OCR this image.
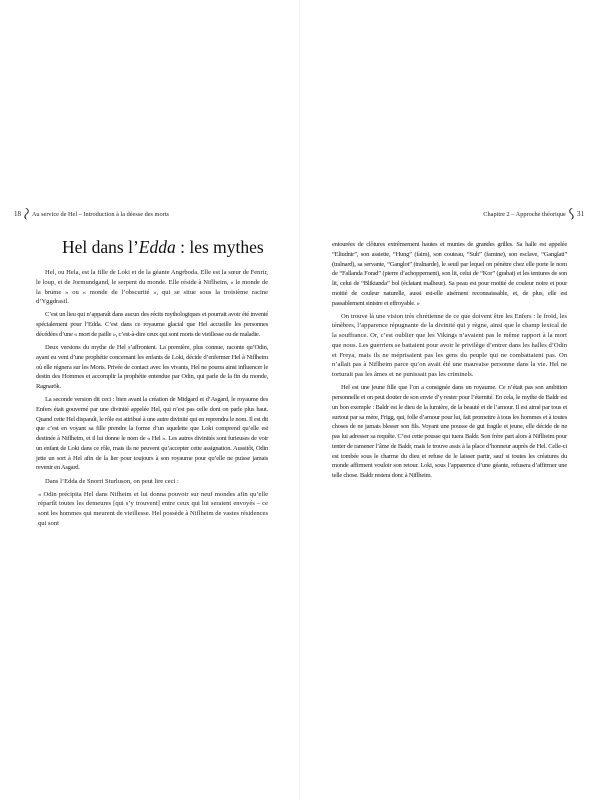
18 Au service de Hel – Introduction à la déesse des morts
Hel dans l’Edda : les mythes

Hel, ou Hela, est la fille de Loki et de la géante Angrboda. Elle est la sœur de Fenrir, le loup, et de Jormundgand, le serpent du monde. Elle réside à Niflheim, « le monde de la brume » ou « monde de l’obscurité », qui se situe sous la troisième racine d’Yggdrasil.

C’est un lieu qui n’apparaît dans aucun des récits mythologiques et pourrait avoir été inventé spécialement pour l’Edda. C’est dans ce royaume glacial que Hel accueille les personnes décédées d’une « mort de paille », c’est-à-dire ceux qui sont morts de vieillesse ou de maladie.

Deux versions du mythe de Hel s’affrontent. La première, plus connue, raconte qu’Odin, ayant eu vent d’une prophétie concernant les enfants de Loki, décide d’enfermer Hel à Niflheim où elle régnera sur les Morts. Privée de contact avec les vivants, Hel ne pourra ainsi influencer le destin des Hommes et accomplir la prophétie entendue par Odin, qui parle de la fin du monde, Ragnarök.

La seconde version dit ceci : bien avant la création de Midgard et d’Asgard, le royaume des Enfers était gouverné par une divinité appelée Hel, qui n’est pas celle dont on parle plus haut. Quand cette Hel disparaît, le rôle est attribué à une autre divinité qui en reprendra le nom. Il est dit que c’est en voyant sa fille prendre la forme d’un squelette que Loki comprend qu’elle est destinée à Niflheim, et il lui donne le nom de « Hel ». Les autres divinités sont furieuses de voir un enfant de Loki dans ce rôle, mais ils ne peuvent qu’accepter cette assignation. Aussitôt, Odin jette un sort à Hel afin de la lier pour toujours à son royaume pour qu’elle ne puisse jamais revenir en Asgard.

Dans l’Edda de Snorri Sturluson, on peut lire ceci :

« Odin précipita Hel dans Nifheim et lui donna pouvoir sur neuf mondes afin qu’elle répartît toutes les demeures [qui s’y trouvent] entre ceux qui lui seraient envoyés – ce sont les hommes qui meurent de vieillesse. Hel possède à Niflheim de vastes résidences qui sont

Chapitre 2 – Approche théorique 31

entourées de clôtures extrêmement hautes et munies de grandes grilles. Sa halle est appelée “Eliudnir”, son assiette, “Hung” (faim), son couteau, “Sult” (famine), son esclave, “Ganglati” (tralnard), sa servante, “Ganglot” (tralnarde), le seuil par lequel on pénètre chez elle porte le nom de “Fallanda Forad” (pierre d’achoppement), son lit, celui de “Kor” (grabat) et les tentures de son lit, celui de “Blikianda” bol (éclatant malheur). Sa peau est pour moitié de couleur noire et pour moitié de couleur naturelle, aussi est-elle aisément reconnaissable, et, de plus, elle est passablement sinistre et effroyable. »

On trouve là une vision très chrétienne de ce que doivent être les Enfers : le froid, les ténèbres, l’apparence répugnante de la divinité qui y règne, ainsi que le champ lexical de la souffrance. Or, c’est oublier que les Vikings n’avaient pas le même rapport à la mort que nous. Les guerriers se battaient pour avoir le privilège d’entrer dans les halles d’Odin et Freya, mais ils ne méprisaient pas les gens du peuple qui ne combattaient pas. On n’allait pas à Niflheim parce qu’on avait été une mauvaise personne dans la vie. Hel ne torturait pas les âmes et ne punissait pas les criminels.

Hel est une jeune fille que l’on a consignée dans un royaume. Ce n’était pas son ambition personnelle et on peut douter de son envie d’y rester pour l’éternité. En cela, le mythe de Baldr est un bon exemple : Baldr est le dieu de la lumière, de la beauté et de l’amour. Il est aimé par tous et surtout par sa mère, Frigg, qui, folle d’amour pour lui, fait promettre à tous les hommes et à toutes choses de ne jamais blesser son fils. Voyant une pousse de gui fragile et jeune, elle décide de ne pas lui adresser sa requête. C’est cette pousse qui tuera Baldr. Son frère part alors à Niflheim pour tenter de ramener l’âme de Baldr, mais le trouve assis à la place d’honneur auprès de Hel. Celle-ci est tombée sous le charme du dieu et refuse de le laisser partir, sauf si toutes les créatures du monde affirment vouloir son retour. Loki, sous l’apparence d’une géante, refusera d’affirmer une telle chose. Baldr restera donc à Niflheim.
